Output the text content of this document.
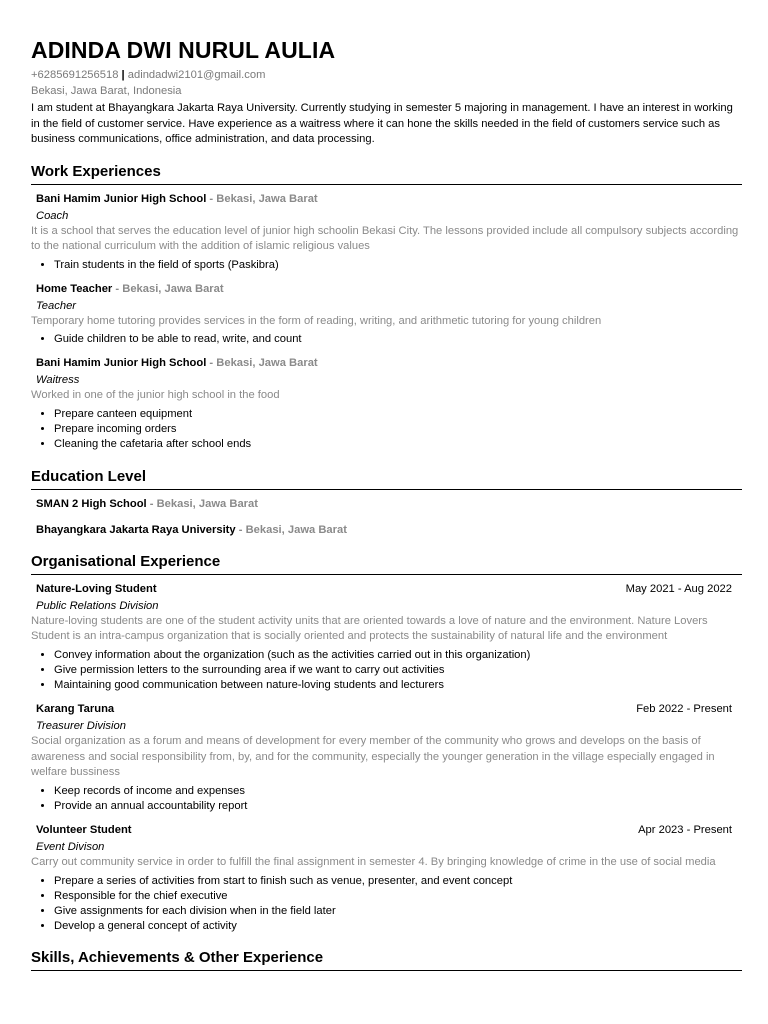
ADINDA DWI NURUL AULIA
+6285691256518 | adindadwi2101@gmail.com
Bekasi, Jawa Barat, Indonesia
I am student at Bhayangkara Jakarta Raya University. Currently studying in semester 5 majoring in management. I have an interest in working in the field of customer service. Have experience as a waitress where it can hone the skills needed in the field of customers service such as business communications, office administration, and data processing.
Work Experiences
Bani Hamim Junior High School - Bekasi, Jawa Barat
Coach
It is a school that serves the education level of junior high schoolin Bekasi City. The lessons provided include all compulsory subjects according to the national curriculum with the addition of islamic religious values
• Train students in the field of sports (Paskibra)
Home Teacher - Bekasi, Jawa Barat
Teacher
Temporary home tutoring provides services in the form of reading, writing, and arithmetic tutoring for young children
• Guide children to be able to read, write, and count
Bani Hamim Junior High School - Bekasi, Jawa Barat
Waitress
Worked in one of the junior high school in the food
• Prepare canteen equipment
• Prepare incoming orders
• Cleaning the cafetaria after school ends
Education Level
SMAN 2 High School - Bekasi, Jawa Barat
Bhayangkara Jakarta Raya University - Bekasi, Jawa Barat
Organisational Experience
Nature-Loving Student	May 2021 - Aug 2022
Public Relations Division
Nature-loving students are one of the student activity units that are oriented towards a love of nature and the environment. Nature Lovers Student is an intra-campus organization that is socially oriented and protects the sustainability of natural life and the environment
• Convey information about the organization (such as the activities carried out in this organization)
• Give permission letters to the surrounding area if we want to carry out activities
• Maintaining good communication between nature-loving students and lecturers
Karang Taruna	Feb 2022 - Present
Treasurer Division
Social organization as a forum and means of development for every member of the community who grows and develops on the basis of awareness and social responsibility from, by, and for the community, especially the younger generation in the village especially engaged in welfare bussiness
• Keep records of income and expenses
• Provide an annual accountability report
Volunteer Student	Apr 2023 - Present
Event Divison
Carry out community service in order to fulfill the final assignment in semester 4. By bringing knowledge of crime in the use of social media
• Prepare a series of activities from start to finish such as venue, presenter, and event concept
• Responsible for the chief executive
• Give assignments for each division when in the field later
• Develop a general concept of activity
Skills, Achievements & Other Experience
